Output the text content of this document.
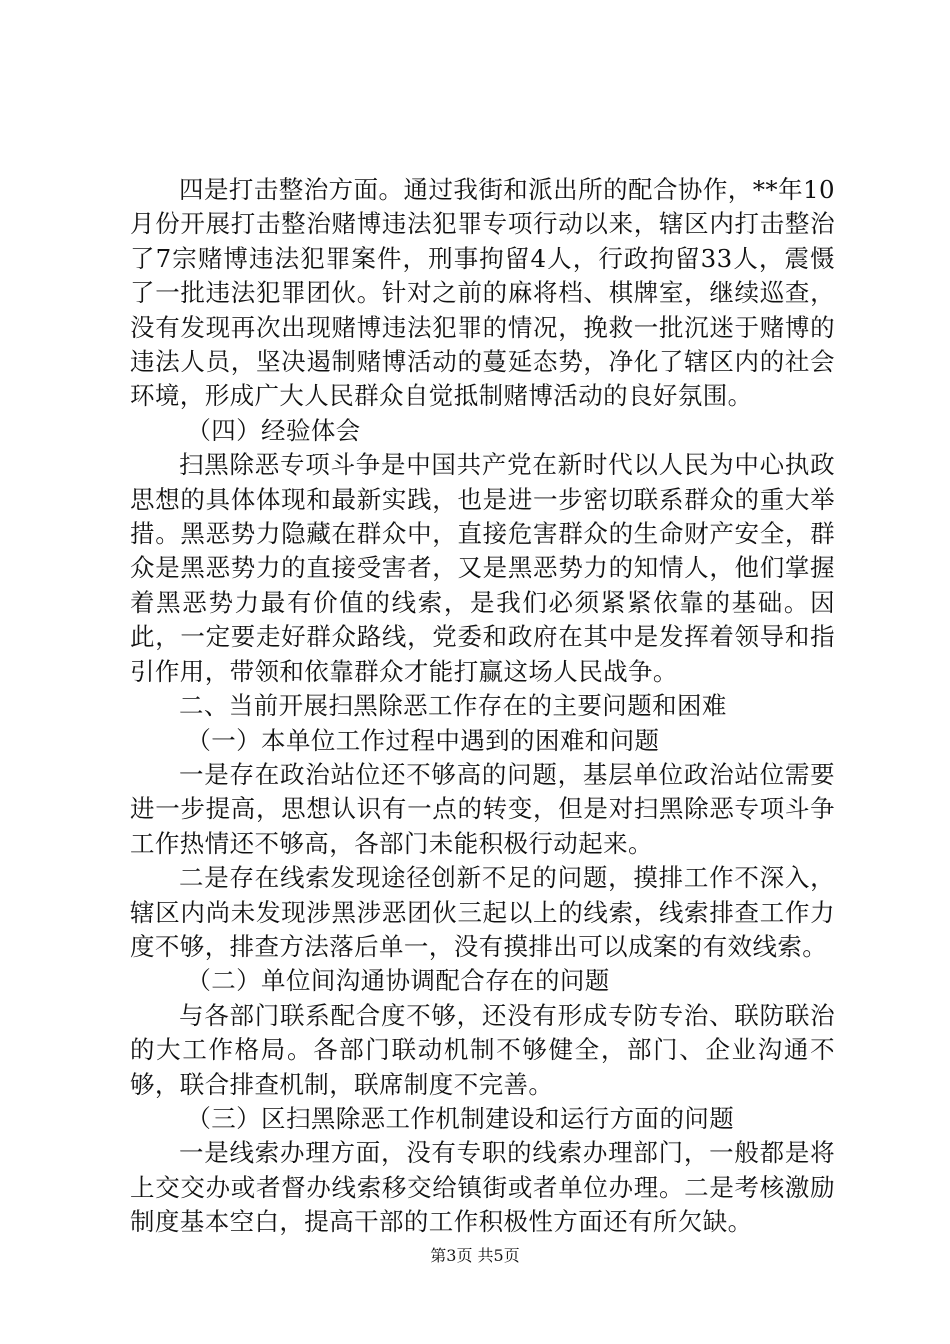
四是打击整治方面。通过我街和派出所的配合协作，**年10月份开展打击整治赌博违法犯罪专项行动以来，辖区内打击整治了7宗赌博违法犯罪案件，刑事拘留4人，行政拘留33人，震慑了一批违法犯罪团伙。针对之前的麻将档、棋牌室，继续巡查，没有发现再次出现赌博违法犯罪的情况，挽救一批沉迷于赌博的违法人员，坚决遏制赌博活动的蔓延态势，净化了辖区内的社会环境，形成广大人民群众自觉抵制赌博活动的良好氛围。

（四）经验体会

扫黑除恶专项斗争是中国共产党在新时代以人民为中心执政思想的具体体现和最新实践，也是进一步密切联系群众的重大举措。黑恶势力隐藏在群众中，直接危害群众的生命财产安全，群众是黑恶势力的直接受害者，又是黑恶势力的知情人，他们掌握着黑恶势力最有价值的线索，是我们必须紧紧依靠的基础。因此，一定要走好群众路线，党委和政府在其中是发挥着领导和指引作用，带领和依靠群众才能打赢这场人民战争。

二、当前开展扫黑除恶工作存在的主要问题和困难

（一）本单位工作过程中遇到的困难和问题

一是存在政治站位还不够高的问题，基层单位政治站位需要进一步提高，思想认识有一点的转变，但是对扫黑除恶专项斗争工作热情还不够高，各部门未能积极行动起来。

二是存在线索发现途径创新不足的问题，摸排工作不深入，辖区内尚未发现涉黑涉恶团伙三起以上的线索，线索排查工作力度不够，排查方法落后单一，没有摸排出可以成案的有效线索。

（二）单位间沟通协调配合存在的问题

与各部门联系配合度不够，还没有形成专防专治、联防联治的大工作格局。各部门联动机制不够健全，部门、企业沟通不够，联合排查机制，联席制度不完善。

（三）区扫黑除恶工作机制建设和运行方面的问题

一是线索办理方面，没有专职的线索办理部门，一般都是将上交交办或者督办线索移交给镇街或者单位办理。二是考核激励制度基本空白，提高干部的工作积极性方面还有所欠缺。

第3页 共5页
